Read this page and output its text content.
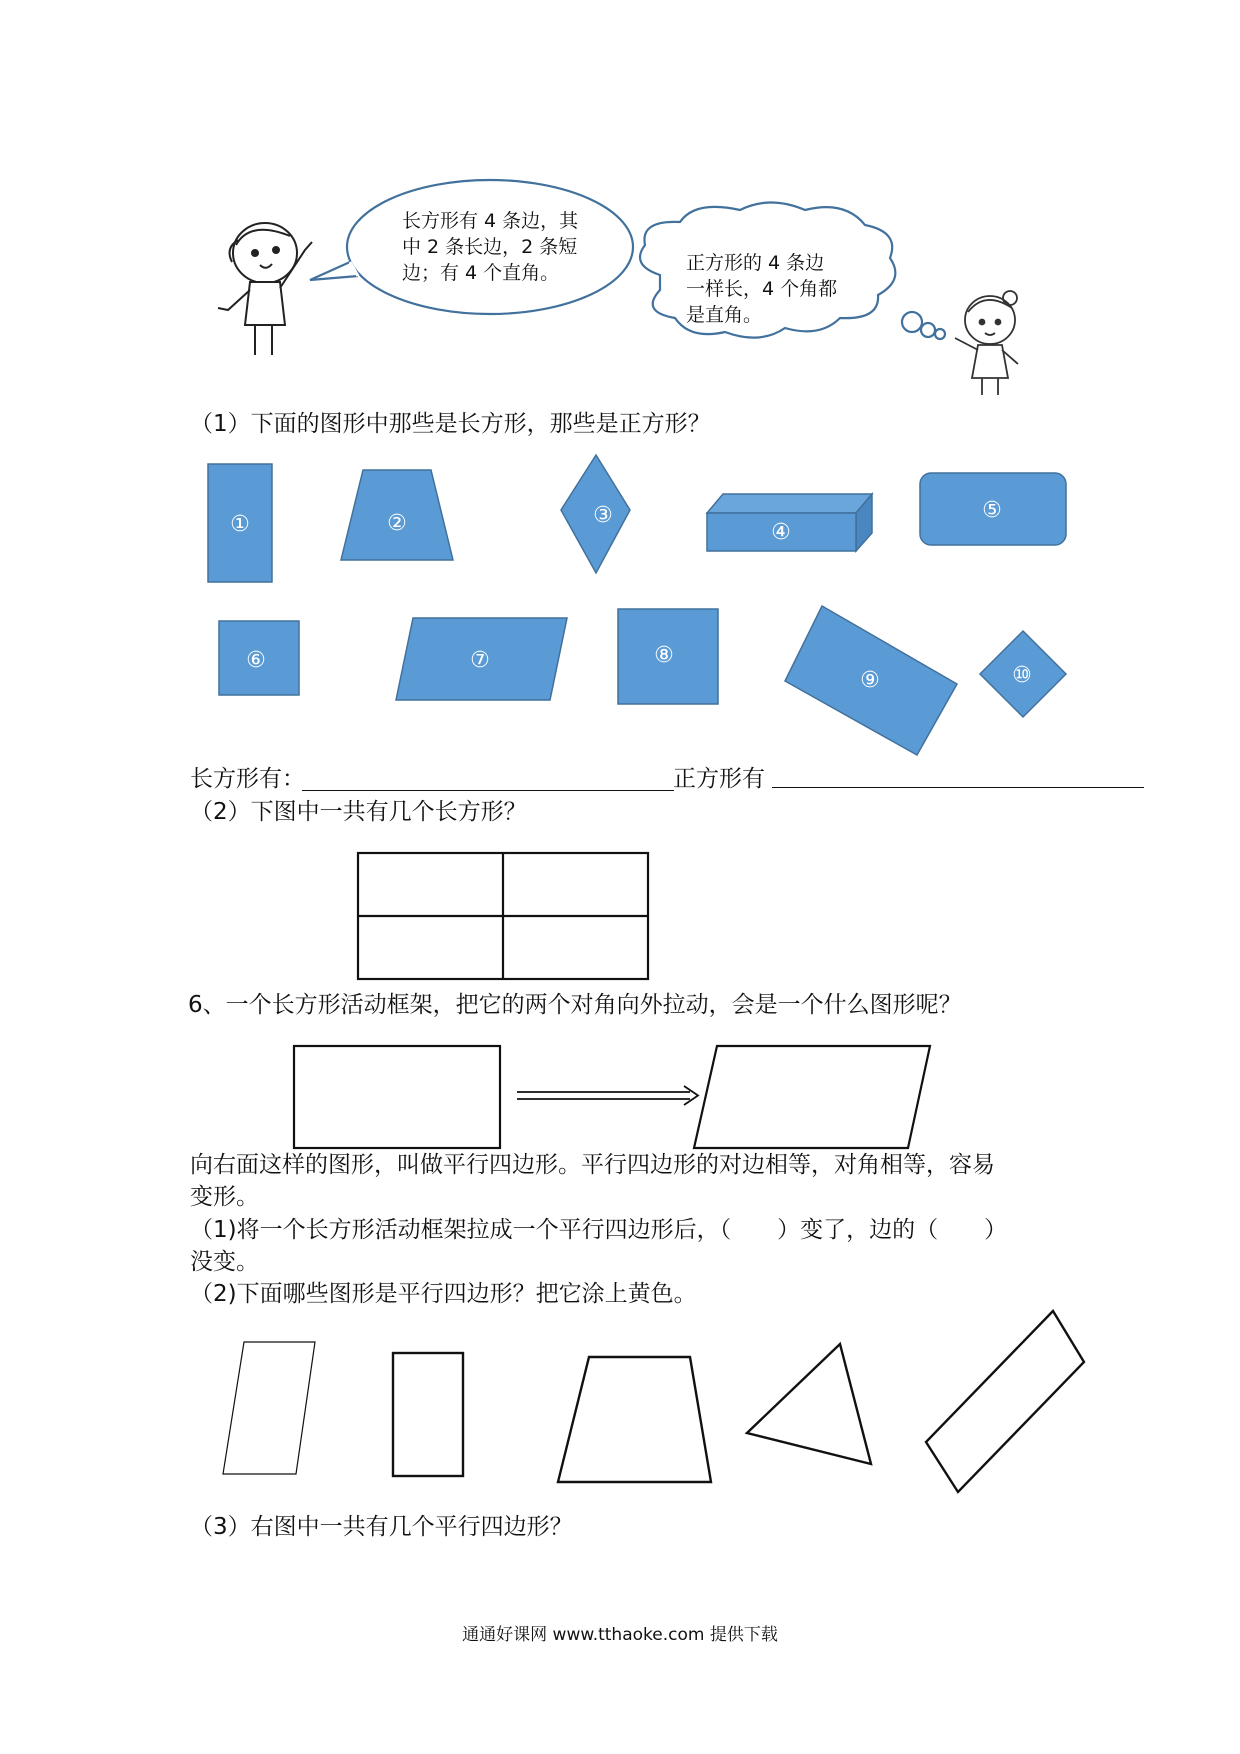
长方形有 4 条边，其
中 2 条长边，2 条短
边；有 4 个直角。	正方形的 4 条边
一样长，4 个角都
是直角。
（1）下面的图形中那些是长方形，那些是正方形？
①	②	③
④
⑤
⑥	⑦	⑧
⑨	⑩
长方形有：	正方形有
（2）下图中一共有几个长方形？
6、一个长方形活动框架，把它的两个对角向外拉动，会是一个什么图形呢？
向右面这样的图形，叫做平行四边形。平行四边形的对边相等，对角相等，容易
变形。
（1)将一个长方形活动框架拉成一个平行四边形后，（　　）变了，边的（　　）
没变。
（2)下面哪些图形是平行四边形？把它涂上黄色。
（3）右图中一共有几个平行四边形？
通通好课网 www.tthaoke.com 提供下载
